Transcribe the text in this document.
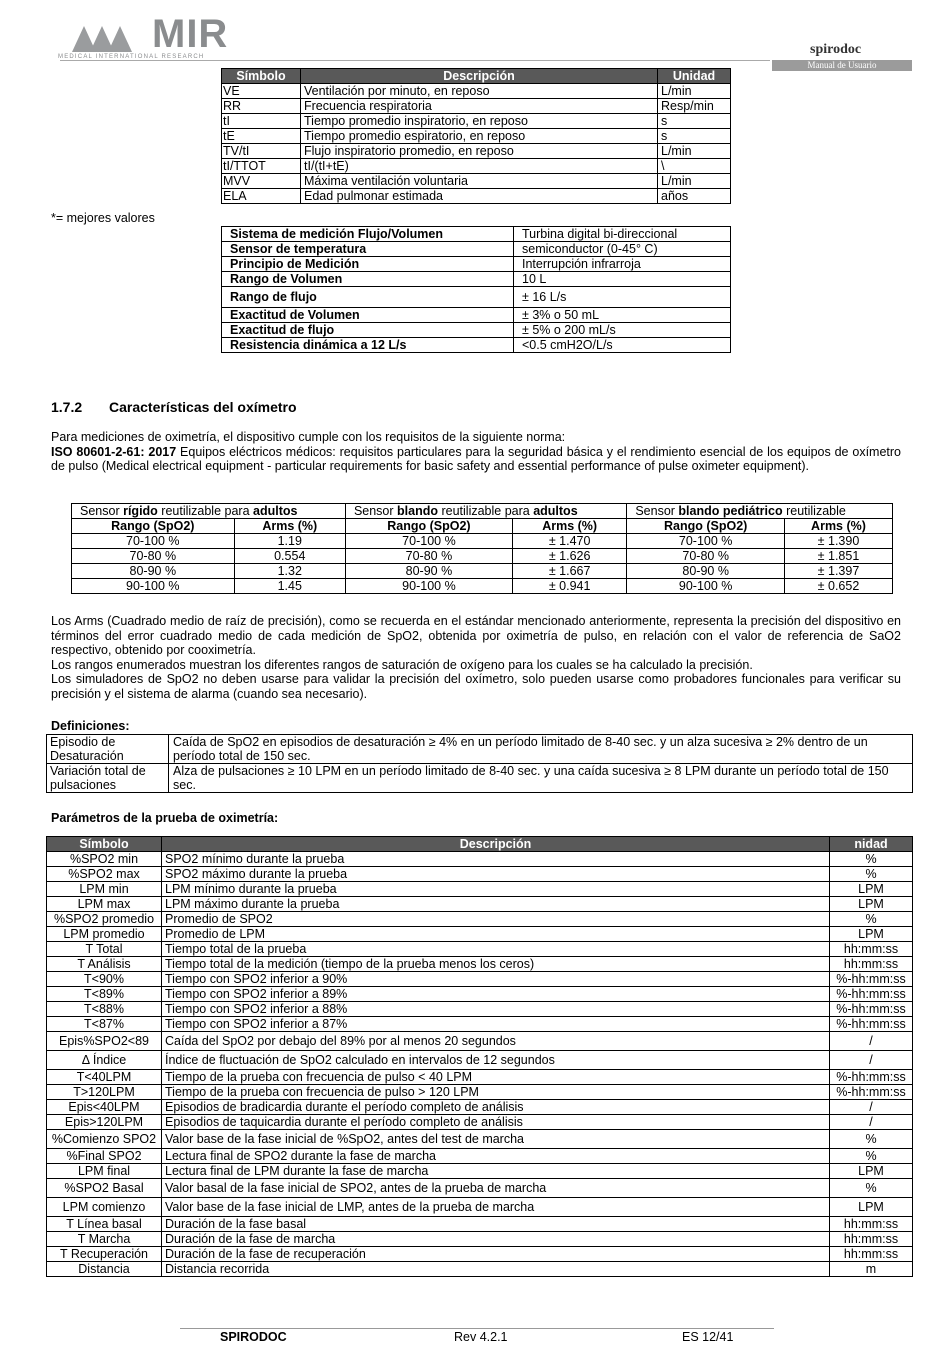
MIR
MEDICAL INTERNATIONAL RESEARCH	spirodoc
Manual de Usuario
Símbolo	Descripción	Unidad
VE	Ventilación por minuto, en reposo	L/min
RR	Frecuencia respiratoria	Resp/min
tI	Tiempo promedio inspiratorio, en reposo	s
tE	Tiempo promedio espiratorio, en reposo	s
TV/tI	Flujo inspiratorio promedio, en reposo	L/min
tI/TTOT	tI/(tI+tE)	\
MVV	Máxima ventilación voluntaria	L/min
ELA	Edad pulmonar estimada	años
*= mejores valores
Sistema de medición Flujo/Volumen	Turbina digital bi-direccional
Sensor de temperatura	semiconductor (0-45° C)
Principio de Medición	Interrupción infrarroja
Rango de Volumen	10 L
Rango de flujo	± 16 L/s
Exactitud de Volumen	± 3% o 50 mL
Exactitud de flujo	± 5% o 200 mL/s
Resistencia dinámica a 12 L/s	<0.5 cmH2O/L/s
1.7.2 Características del oxímetro
Para mediciones de oximetría, el dispositivo cumple con los requisitos de la siguiente norma:
ISO 80601-2-61: 2017 Equipos eléctricos médicos: requisitos particulares para la seguridad básica y el rendimiento esencial de los equipos de oxímetro de pulso (Medical electrical equipment - particular requirements for basic safety and essential performance of pulse oximeter equipment).
Sensor rígido reutilizable para adultos		Sensor blando reutilizable para adultos		Sensor blando pediátrico reutilizable	
Rango (SpO2)	Arms (%)	Rango (SpO2)	Arms (%)	Rango (SpO2)	Arms (%)
70-100 %	1.19	70-100 %	± 1.470	70-100 %	± 1.390
70-80 %	0.554	70-80 %	± 1.626	70-80 %	± 1.851
80-90 %	1.32	80-90 %	± 1.667	80-90 %	± 1.397
90-100 %	1.45	90-100 %	± 0.941	90-100 %	± 0.652
Los Arms (Cuadrado medio de raíz de precisión), como se recuerda en el estándar mencionado anteriormente, representa la precisión del dispositivo en términos del error cuadrado medio de cada medición de SpO2, obtenida por oximetría de pulso, en relación con el valor de referencia de SaO2 respectivo, obtenido por cooximetría.
Los rangos enumerados muestran los diferentes rangos de saturación de oxígeno para los cuales se ha calculado la precisión.
Los simuladores de SpO2 no deben usarse para validar la precisión del oxímetro, solo pueden usarse como probadores funcionales para verificar su precisión y el sistema de alarma (cuando sea necesario).
Definiciones:
Episodio de Desaturación	Caída de SpO2 en episodios de desaturación ≥ 4% en un período limitado de 8-40 sec. y un alza sucesiva ≥ 2% dentro de un período total de 150 sec.
Variación total de pulsaciones	Alza de pulsaciones ≥ 10 LPM en un período limitado de 8-40 sec. y una caída sucesiva ≥ 8 LPM durante un período total de 150 sec.
Parámetros de la prueba de oximetría:
Símbolo	Descripción	nidad
%SPO2 min	SPO2 mínimo durante la prueba	%
%SPO2 max	SPO2 máximo durante la prueba	%
LPM min	LPM mínimo durante la prueba	LPM
LPM max	LPM máximo durante la prueba	LPM
%SPO2 promedio	Promedio de SPO2	%
LPM promedio	Promedio de LPM	LPM
T Total	Tiempo total de la prueba	hh:mm:ss
T Análisis	Tiempo total de la medición (tiempo de la prueba menos los ceros)	hh:mm:ss
T<90%	Tiempo con SPO2 inferior a 90%	%-hh:mm:ss
T<89%	Tiempo con SPO2 inferior a 89%	%-hh:mm:ss
T<88%	Tiempo con SPO2 inferior a 88%	%-hh:mm:ss
T<87%	Tiempo con SPO2 inferior a 87%	%-hh:mm:ss
Epis%SPO2<89	Caída del SpO2 por debajo del 89% por al menos 20 segundos	/
Δ Índice	Índice de fluctuación de SpO2 calculado en intervalos de 12 segundos	/
T<40LPM	Tiempo de la prueba con frecuencia de pulso < 40 LPM	%-hh:mm:ss
T>120LPM	Tiempo de la prueba con frecuencia de pulso > 120 LPM	%-hh:mm:ss
Epis<40LPM	Episodios de bradicardia durante el período completo de análisis	/
Epis>120LPM	Episodios de taquicardia durante el período completo de análisis	/
%Comienzo SPO2	Valor base de la fase inicial de %SpO2, antes del test de marcha	%
%Final SPO2	Lectura final de SPO2 durante la fase de marcha	%
LPM final	Lectura final de LPM durante la fase de marcha	LPM
%SPO2 Basal	Valor basal de la fase inicial de SPO2, antes de la prueba de marcha	%
LPM comienzo	Valor base de la fase inicial de LMP, antes de la prueba de marcha	LPM
T Línea basal	Duración de la fase basal	hh:mm:ss
T Marcha	Duración de la fase de marcha	hh:mm:ss
T Recuperación	Duración de la fase de recuperación	hh:mm:ss
Distancia	Distancia recorrida	m
SPIRODOC	Rev 4.2.1	ES 12/41
